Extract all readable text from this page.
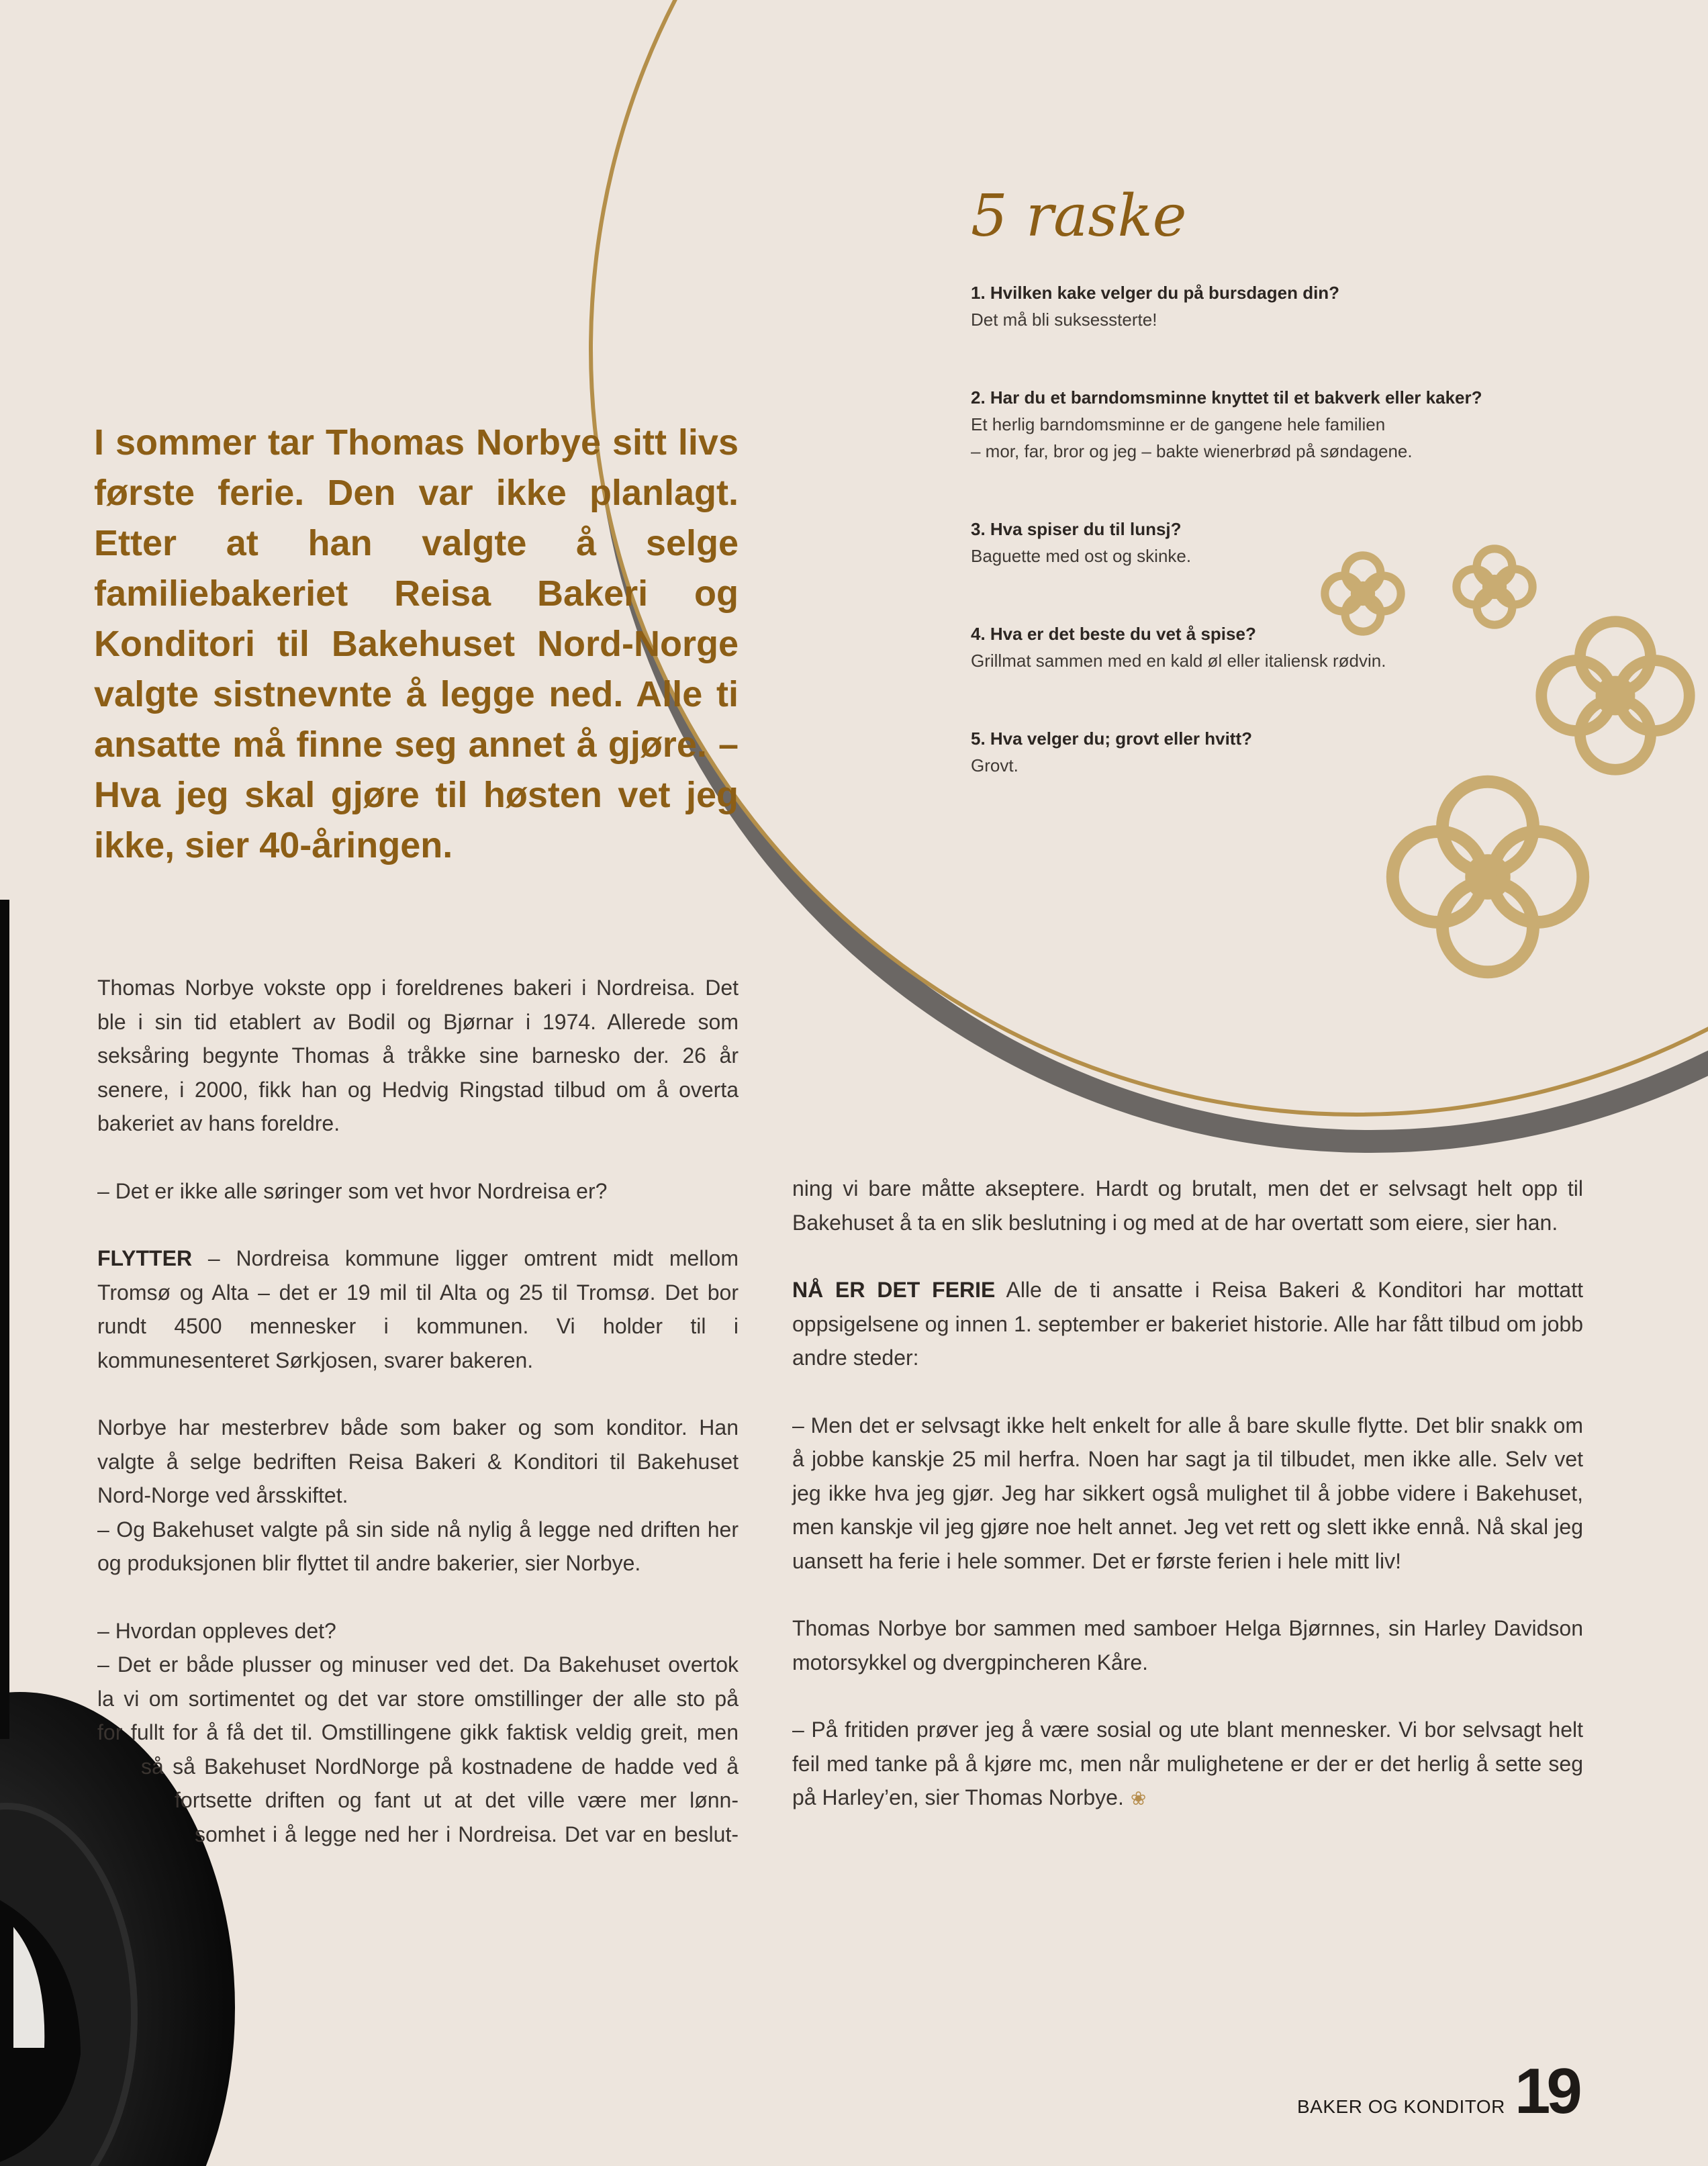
I sommer tar Thomas Norbye sitt livs første ferie. Den var ikke planlagt. Etter at han valgte å selge familiebakeriet Reisa Bakeri og Konditori til Bakehuset Nord-Norge valgte sistnevnte å legge ned. Alle ti ansatte må finne seg annet å gjøre. – Hva jeg skal gjøre til høsten vet jeg ikke, sier 40-åringen.
5 raske
1. Hvilken kake velger du på bursdagen din?
Det må bli suksessterte!
2. Har du et barndomsminne knyttet til et bakverk eller kaker?
Et herlig barndomsminne er de gangene hele familien
– mor, far, bror og jeg – bakte wienerbrød på søndagene.
3. Hva spiser du til lunsj?
Baguette med ost og skinke.
4. Hva er det beste du vet å spise?
Grillmat sammen med en kald øl eller italiensk rødvin.
5. Hva velger du; grovt eller hvitt?
Grovt.

Thomas Norbye vokste opp i foreldrenes bakeri i Nordreisa. Det ble i sin tid etablert av Bodil og Bjørnar i 1974. Allerede som seksåring begynte Thomas å tråkke sine barnesko der. 26 år senere, i 2000, fikk han og Hedvig Ringstad tilbud om å overta bakeriet av hans foreldre.

– Det er ikke alle søringer som vet hvor Nordreisa er?

FLYTTER – Nordreisa kommune ligger omtrent midt mellom Tromsø og Alta – det er 19 mil til Alta og 25 til Tromsø. Det bor rundt 4500 mennesker i kommunen. Vi holder til i kommunesenteret Sørkjosen, svarer bakeren.

Norbye har mesterbrev både som baker og som konditor. Han valgte å selge bedriften Reisa Bakeri & Konditori til Bakehuset Nord-Norge ved årsskiftet.

– Og Bakehuset valgte på sin side nå nylig å legge ned driften her og produksjonen blir flyttet til andre bakerier, sier Norbye.

– Hvordan oppleves det?

– Det er både plusser og minuser ved det. Da Bakehuset overtok
la vi om sortimentet og det var store omstillinger der alle sto på
for fullt for å få det til. Omstillingene gikk faktisk veldig greit, men
så så Bakehuset NordNorge på kostnadene de hadde ved å
fortsette driften og fant ut at det ville være mer lønn-
somhet i å legge ned her i Nordreisa. Det var en beslut-

ning vi bare måtte akseptere. Hardt og brutalt, men det er selvsagt helt opp til Bakehuset å ta en slik beslutning i og med at de har overtatt som eiere, sier han.

NÅ ER DET FERIE Alle de ti ansatte i Reisa Bakeri & Konditori har mottatt oppsigelsene og innen 1. september er bakeriet historie. Alle har fått tilbud om jobb andre steder:

– Men det er selvsagt ikke helt enkelt for alle å bare skulle flytte. Det blir snakk om å jobbe kanskje 25 mil herfra. Noen har sagt ja til tilbudet, men ikke alle. Selv vet jeg ikke hva jeg gjør. Jeg har sikkert også mulighet til å jobbe videre i Bakehuset, men kanskje vil jeg gjøre noe helt annet. Jeg vet rett og slett ikke ennå. Nå skal jeg uansett ha ferie i hele sommer. Det er første ferien i hele mitt liv!

Thomas Norbye bor sammen med samboer Helga Bjørnnes, sin Harley Davidson motorsykkel og dvergpincheren Kåre.

– På fritiden prøver jeg å være sosial og ute blant mennesker. Vi bor selvsagt helt feil med tanke på å kjøre mc, men når mulighetene er der er det herlig å sette seg på Harley’en, sier Thomas Norbye. ❀

BAKER OG KONDITOR 19
